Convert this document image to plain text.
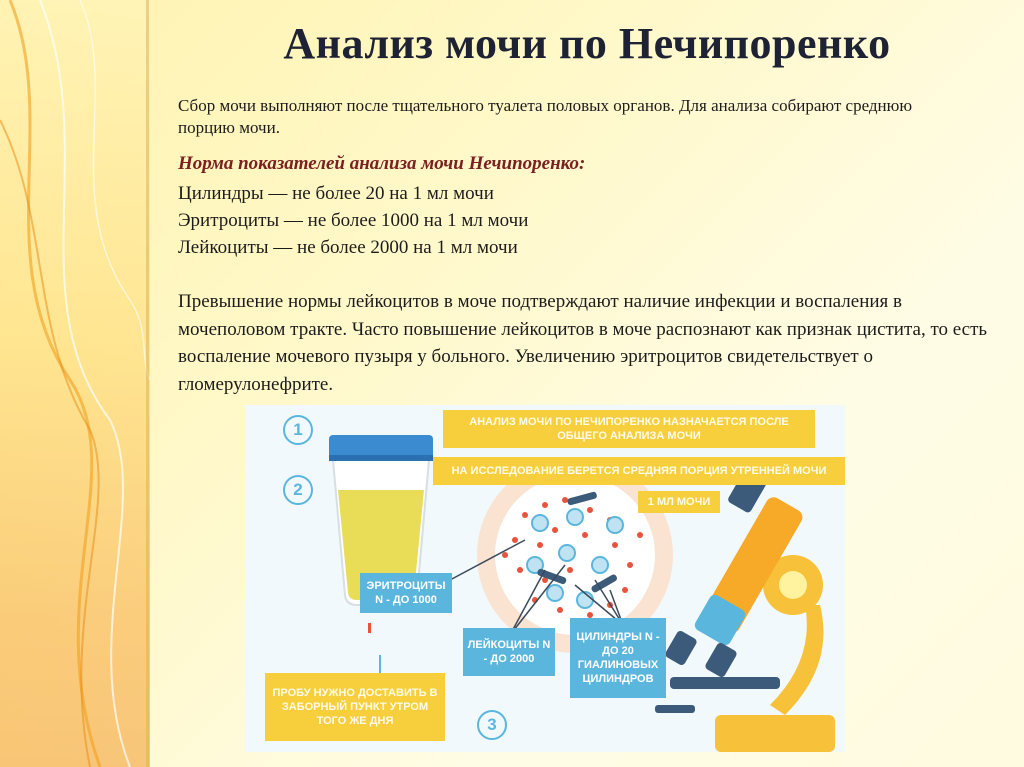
Анализ мочи по Нечипоренко

Сбор мочи выполняют после тщательного туалета половых органов. Для анализа собирают среднюю порцию мочи.

Норма показателей анализа мочи Нечипоренко:

Цилиндры — не более 20 на 1 мл мочи
Эритроциты — не более 1000 на 1 мл мочи
Лейкоциты — не более 2000 на 1 мл мочи

Превышение нормы лейкоцитов в моче подтверждают наличие инфекции и воспаления в мочеполовом тракте. Часто повышение лейкоцитов в моче распознают как признак цистита, то есть воспаление мочевого пузыря у больного. Увеличению эритроцитов свидетельствует о гломерулонефрите.

1
2
3
АНАЛИЗ МОЧИ ПО НЕЧИПОРЕНКО НАЗНАЧАЕТСЯ ПОСЛЕ ОБЩЕГО АНАЛИЗА МОЧИ
НА ИССЛЕДОВАНИЕ БЕРЕТСЯ СРЕДНЯЯ ПОРЦИЯ УТРЕННЕЙ МОЧИ
1 МЛ МОЧИ
ЭРИТРОЦИТЫ N - ДО 1000
ЛЕЙКОЦИТЫ N - ДО 2000
ЦИЛИНДРЫ N - ДО 20 ГИАЛИНОВЫХ ЦИЛИНДРОВ
ПРОБУ НУЖНО ДОСТАВИТЬ В ЗАБОРНЫЙ ПУНКТ УТРОМ ТОГО ЖЕ ДНЯ
